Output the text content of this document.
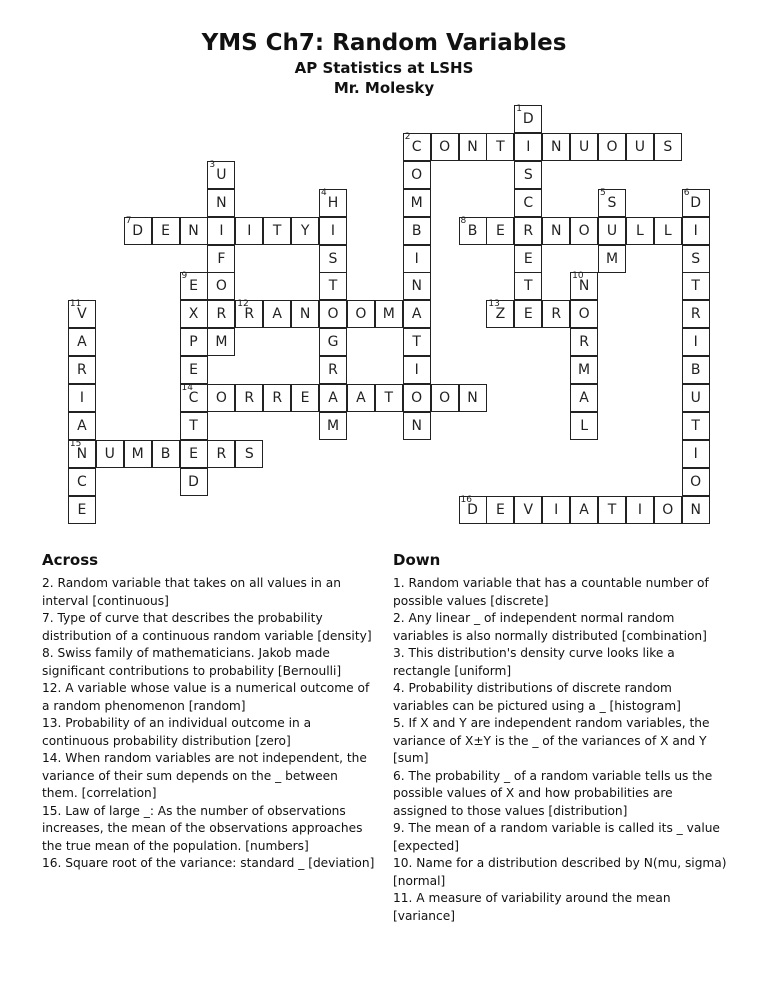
YMS Ch7: Random Variables
AP Statistics at LSHS
Mr. Molesky
1
D
I
S
C
R
E
T
E
2
C	O	N	T	N	U	O	U	S
O
M
B
I
N
A
T
I
O
N
3
U
N
I
F
O
R
M
4
H
I
S
T
O
G
R
A
M
5
S
U
M
6
D
I
S
T
R
I
B
U
T
I
O
N
7
D	E	N	I	T	Y
8
B	E	N	O	L	L
9
E
X
P
E
14
C
T
E
D
10
N
O
R
M
A
L
11
V
A
R
I
A
15
N
C
E
12
R	A	N	O	M
13
Z	R
O	R	R	E	A	T	O	N
U	M	B	R	S
16
D	E	V	I	A	T	I	O
Across

2. Random variable that takes on all values in an interval [continuous]

7. Type of curve that describes the probability distribution of a continuous random variable [density]

8. Swiss family of mathematicians. Jakob made significant contributions to probability [Bernoulli]

12. A variable whose value is a numerical outcome of a random phenomenon [random]

13. Probability of an individual outcome in a continuous probability distribution [zero]

14. When random variables are not independent, the variance of their sum depends on the _ between them. [correlation]

15. Law of large _: As the number of observations increases, the mean of the observations approaches the true mean of the population. [numbers]

16. Square root of the variance: standard _ [deviation]

Down

1. Random variable that has a countable number of possible values [discrete]

2. Any linear _ of independent normal random variables is also normally distributed [combination]

3. This distribution's density curve looks like a rectangle [uniform]

4. Probability distributions of discrete random variables can be pictured using a _ [histogram]

5. If X and Y are independent random variables, the variance of X±Y is the _ of the variances of X and Y [sum]

6. The probability _ of a random variable tells us the possible values of X and how probabilities are assigned to those values [distribution]

9. The mean of a random variable is called its _ value [expected]

10. Name for a distribution described by N(mu, sigma) [normal]

11. A measure of variability around the mean [variance]
